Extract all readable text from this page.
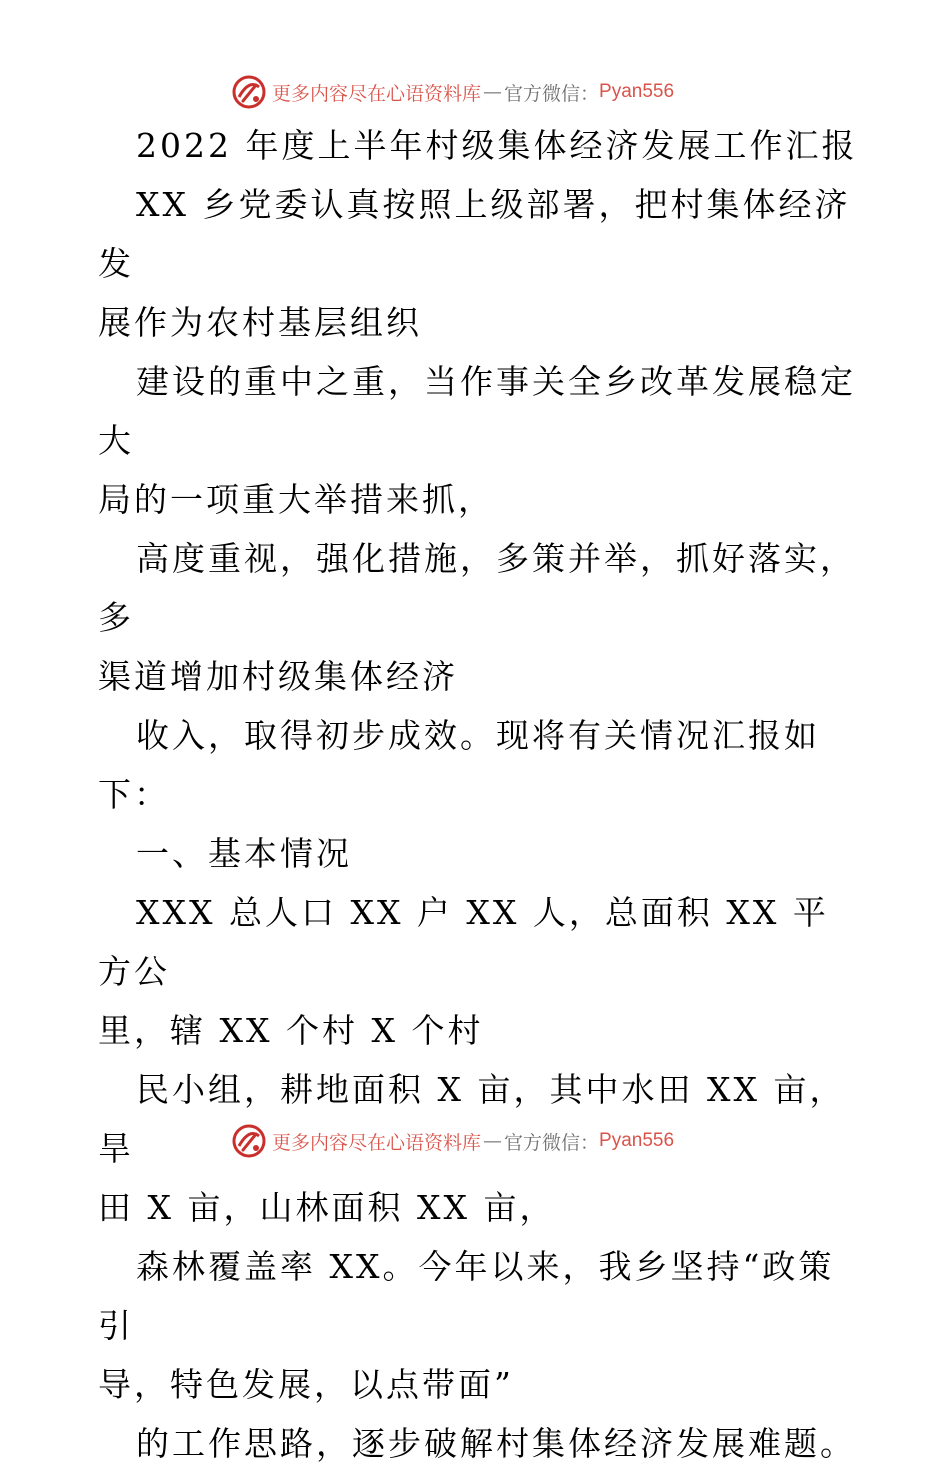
更多内容尽在心语资料库 — 官方微信： Pyan556

2022 年度上半年村级集体经济发展工作汇报

XX 乡党委认真按照上级部署，把村集体经济发

展作为农村基层组织

建设的重中之重，当作事关全乡改革发展稳定大

局的一项重大举措来抓，

高度重视，强化措施，多策并举，抓好落实，多

渠道增加村级集体经济

收入，取得初步成效。现将有关情况汇报如下：

一、基本情况

XXX 总人口 XX 户 XX 人，总面积 XX 平方公

里，辖 XX 个村 X 个村

民小组，耕地面积 X 亩，其中水田 XX 亩，旱

田 X 亩，山林面积 XX 亩，

森林覆盖率 XX。今年以来，我乡坚持“政策引

导，特色发展，以点带面”

的工作思路，逐步破解村集体经济发展难题。

更多内容尽在心语资料库 — 官方微信： Pyan556
